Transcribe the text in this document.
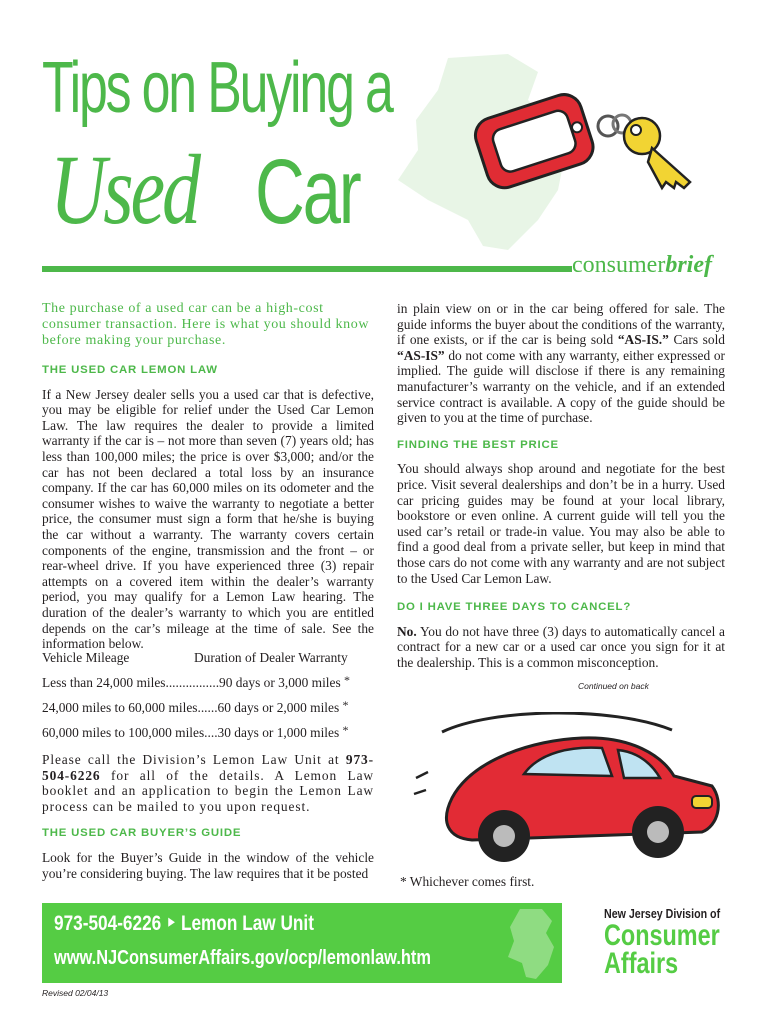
Tips on Buying a
Used Car
consumerbrief
The purchase of a used car can be a high-cost consumer transaction. Here is what you should know before making your purchase.

THE USED CAR LEMON LAW

If a New Jersey dealer sells you a used car that is defective, you may be eligible for relief under the Used Car Lemon Law. The law requires the dealer to provide a limited warranty if the car is – not more than seven (7) years old; has less than 100,000 miles; the price is over $3,000; and/or the car has not been declared a total loss by an insurance company. If the car has 60,000 miles on its odometer and the consumer wishes to waive the warranty to negotiate a better price, the consumer must sign a form that he/she is buying the car without a warranty. The warranty covers certain components of the engine, transmission and the front – or rear-wheel drive. If you have experienced three (3) repair attempts on a covered item within the dealer’s warranty period, you may qualify for a Lemon Law hearing. The duration of the dealer’s warranty to which you are entitled depends on the car’s mileage at the time of sale. See the information below.
Vehicle Mileage	Duration of Dealer Warranty
Less than 24,000 miles................90 days or 3,000 miles *
24,000 miles to 60,000 miles......60 days or 2,000 miles *
60,000 miles to 100,000 miles....30 days or 1,000 miles *
Please call the Division’s Lemon Law Unit at 973-504-6226 for all of the details. A Lemon Law booklet and an application to begin the Lemon Law process can be mailed to you upon request.

THE USED CAR BUYER’S GUIDE

Look for the Buyer’s Guide in the window of the vehicle you’re considering buying. The law requires that it be posted
in plain view on or in the car being offered for sale. The guide informs the buyer about the conditions of the warranty, if one exists, or if the car is being sold “AS-IS.” Cars sold “AS-IS” do not come with any warranty, either expressed or implied. The guide will disclose if there is any remaining manufacturer’s warranty on the vehicle, and if an extended service contract is available. A copy of the guide should be given to you at the time of purchase.

FINDING THE BEST PRICE

You should always shop around and negotiate for the best price. Visit several dealerships and don’t be in a hurry. Used car pricing guides may be found at your local library, bookstore or even online. A current guide will tell you the used car’s retail or trade-in value. You may also be able to find a good deal from a private seller, but keep in mind that those cars do not come with any warranty and are not subject to the Used Car Lemon Law.

DO I HAVE THREE DAYS TO CANCEL?

No. You do not have three (3) days to automatically cancel a contract for a new car or a used car once you sign for it at the dealership. This is a common misconception.
Continued on back
* Whichever comes first.
973-504-6226 ‣ Lemon Law Unit
www.NJConsumerAffairs.gov/ocp/lemonlaw.htm
New Jersey Division of
Consumer
Affairs
Revised 02/04/13
